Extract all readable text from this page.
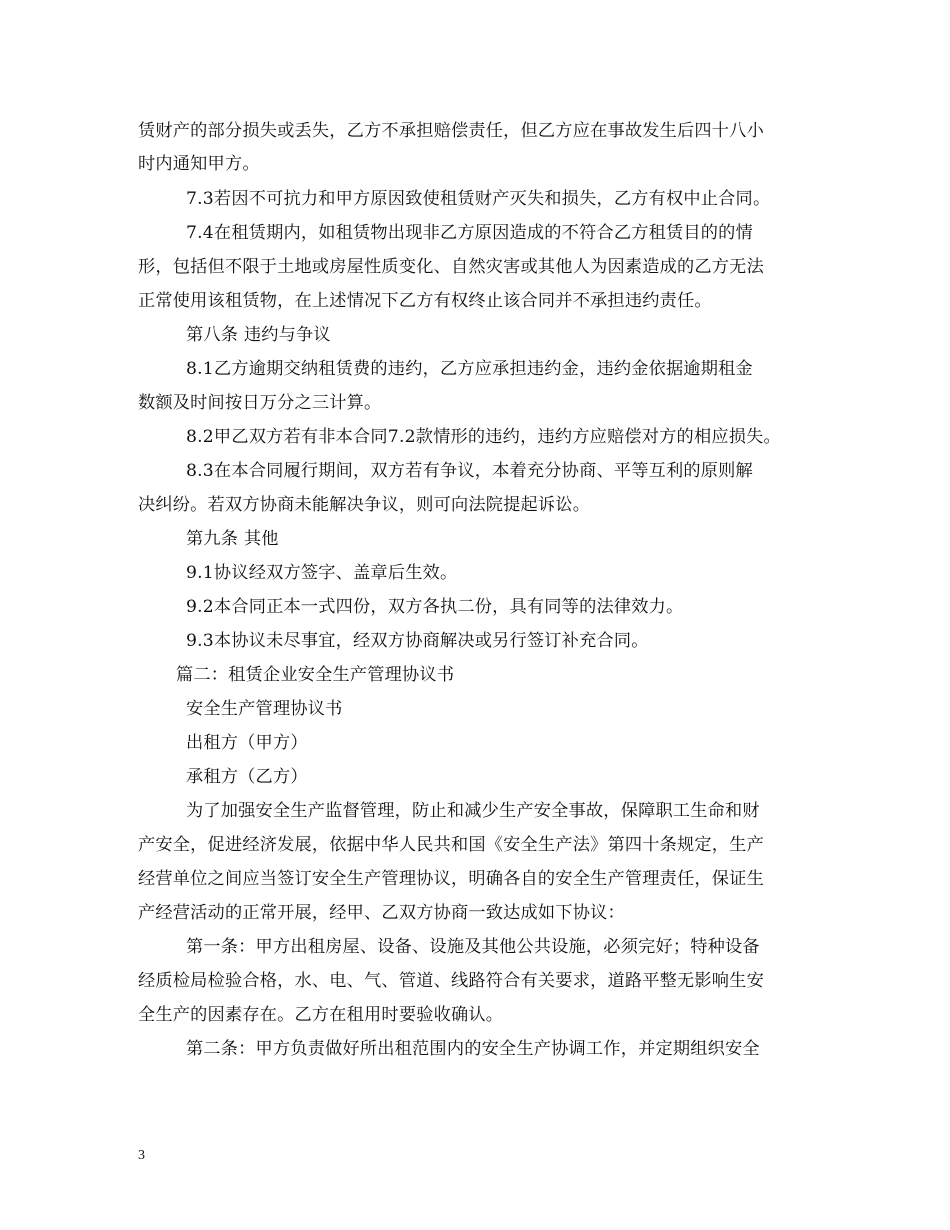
赁财产的部分损失或丢失，乙方不承担赔偿责任，但乙方应在事故发生后四十八小
时内通知甲方。
7.3若因不可抗力和甲方原因致使租赁财产灭失和损失，乙方有权中止合同。
7.4在租赁期内，如租赁物出现非乙方原因造成的不符合乙方租赁目的的情
形，包括但不限于土地或房屋性质变化、自然灾害或其他人为因素造成的乙方无法
正常使用该租赁物，在上述情况下乙方有权终止该合同并不承担违约责任。
第八条 违约与争议
8.1乙方逾期交纳租赁费的违约，乙方应承担违约金，违约金依据逾期租金
数额及时间按日万分之三计算。
8.2甲乙双方若有非本合同7.2款情形的违约，违约方应赔偿对方的相应损失。
8.3在本合同履行期间，双方若有争议，本着充分协商、平等互利的原则解
决纠纷。若双方协商未能解决争议，则可向法院提起诉讼。
第九条 其他
9.1协议经双方签字、盖章后生效。
9.2本合同正本一式四份，双方各执二份，具有同等的法律效力。
9.3本协议未尽事宜，经双方协商解决或另行签订补充合同。
篇二：租赁企业安全生产管理协议书
安全生产管理协议书
出租方（甲方）
承租方（乙方）
为了加强安全生产监督管理，防止和减少生产安全事故，保障职工生命和财
产安全，促进经济发展，依据中华人民共和国《安全生产法》第四十条规定，生产
经营单位之间应当签订安全生产管理协议，明确各自的安全生产管理责任，保证生
产经营活动的正常开展，经甲、乙双方协商一致达成如下协议：
第一条：甲方出租房屋、设备、设施及其他公共设施，必须完好；特种设备
经质检局检验合格，水、电、气、管道、线路符合有关要求，道路平整无影响生安
全生产的因素存在。乙方在租用时要验收确认。
第二条：甲方负责做好所出租范围内的安全生产协调工作，并定期组织安全
3
